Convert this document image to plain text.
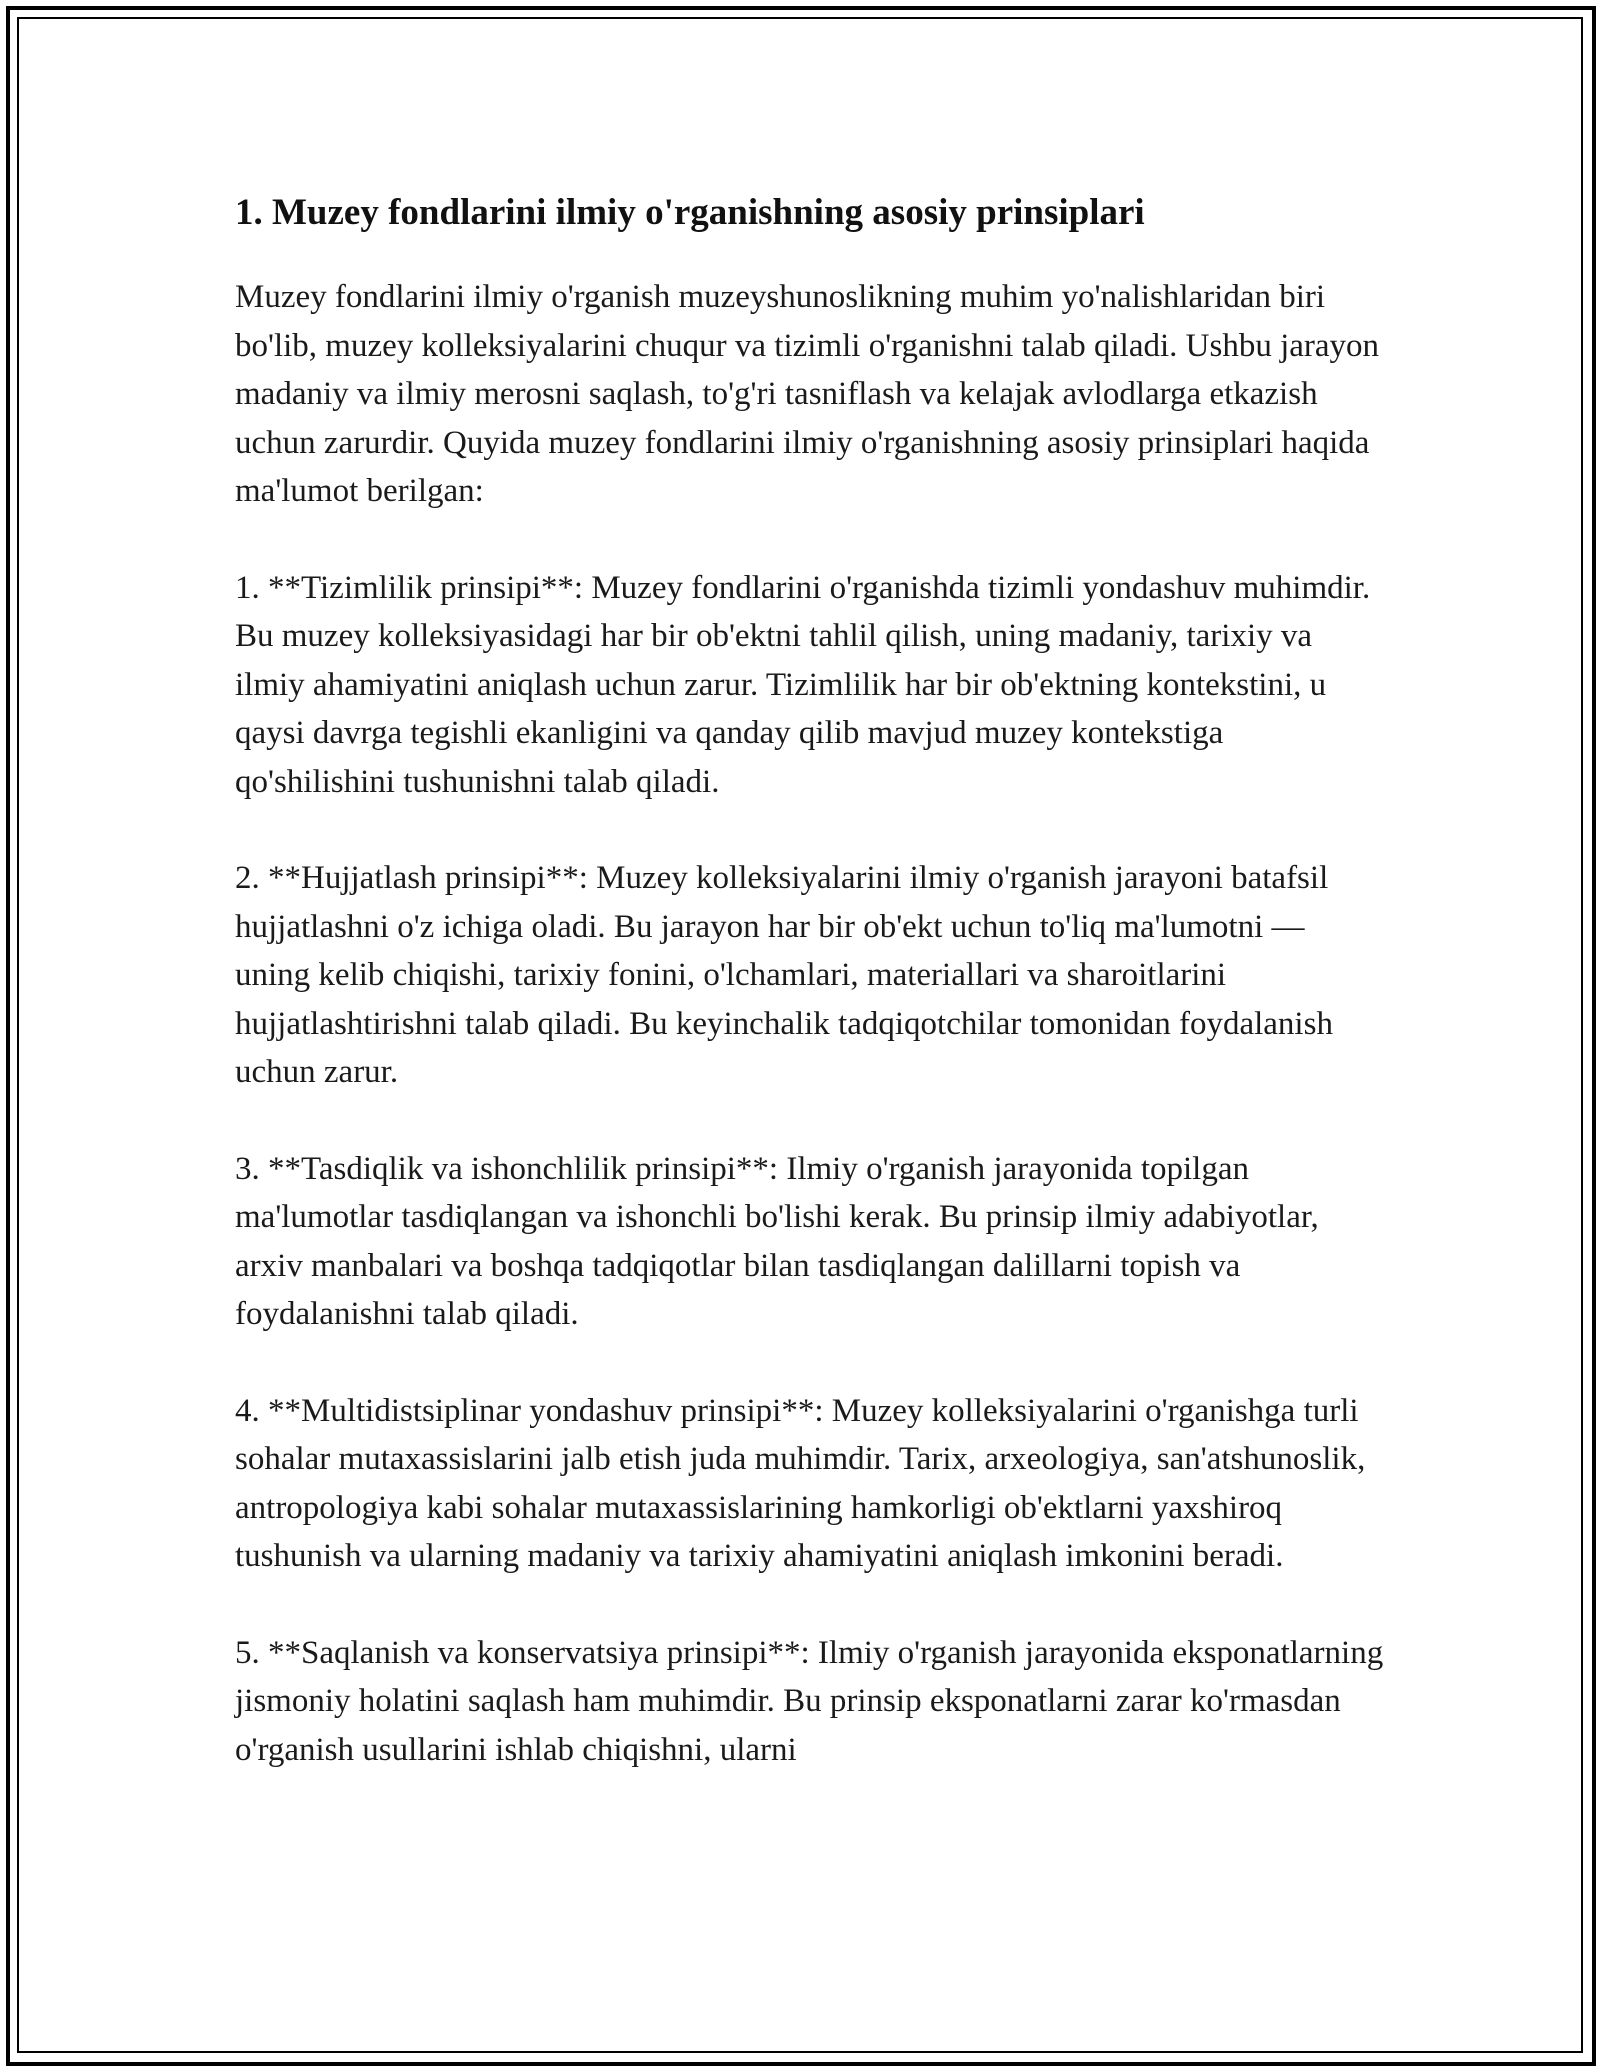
1. Muzey fondlarini ilmiy o'rganishning asosiy prinsiplari

Muzey fondlarini ilmiy o'rganish muzeyshunoslikning muhim yo'nalishlaridan biri bo'lib, muzey kolleksiyalarini chuqur va tizimli o'rganishni talab qiladi. Ushbu jarayon madaniy va ilmiy merosni saqlash, to'g'ri tasniflash va kelajak avlodlarga etkazish uchun zarurdir. Quyida muzey fondlarini ilmiy o'rganishning asosiy prinsiplari haqida ma'lumot berilgan:

1. **Tizimlilik prinsipi**: Muzey fondlarini o'rganishda tizimli yondashuv muhimdir. Bu muzey kolleksiyasidagi har bir ob'ektni tahlil qilish, uning madaniy, tarixiy va ilmiy ahamiyatini aniqlash uchun zarur. Tizimlilik har bir ob'ektning kontekstini, u qaysi davrga tegishli ekanligini va qanday qilib mavjud muzey kontekstiga qo'shilishini tushunishni talab qiladi.

2. **Hujjatlash prinsipi**: Muzey kolleksiyalarini ilmiy o'rganish jarayoni batafsil hujjatlashni o'z ichiga oladi. Bu jarayon har bir ob'ekt uchun to'liq ma'lumotni — uning kelib chiqishi, tarixiy fonini, o'lchamlari, materiallari va sharoitlarini hujjatlashtirishni talab qiladi. Bu keyinchalik tadqiqotchilar tomonidan foydalanish uchun zarur.

3. **Tasdiqlik va ishonchlilik prinsipi**: Ilmiy o'rganish jarayonida topilgan ma'lumotlar tasdiqlangan va ishonchli bo'lishi kerak. Bu prinsip ilmiy adabiyotlar, arxiv manbalari va boshqa tadqiqotlar bilan tasdiqlangan dalillarni topish va foydalanishni talab qiladi.

4. **Multidistsiplinar yondashuv prinsipi**: Muzey kolleksiyalarini o'rganishga turli sohalar mutaxassislarini jalb etish juda muhimdir. Tarix, arxeologiya, san'atshunoslik, antropologiya kabi sohalar mutaxassislarining hamkorligi ob'ektlarni yaxshiroq tushunish va ularning madaniy va tarixiy ahamiyatini aniqlash imkonini beradi.

5. **Saqlanish va konservatsiya prinsipi**: Ilmiy o'rganish jarayonida eksponatlarning jismoniy holatini saqlash ham muhimdir. Bu prinsip eksponatlarni zarar ko'rmasdan o'rganish usullarini ishlab chiqishni, ularni
